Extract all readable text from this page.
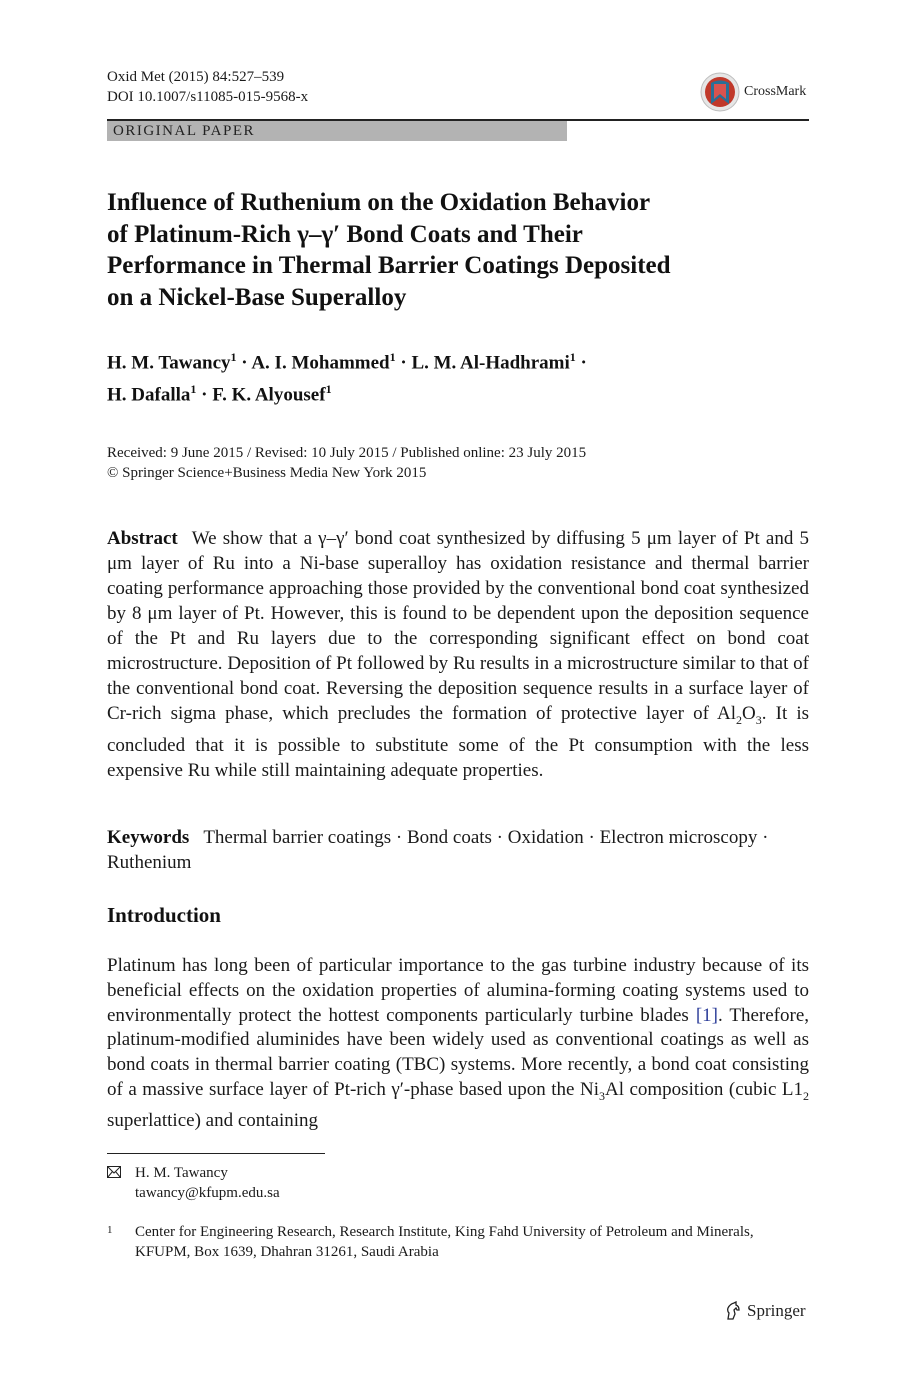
Oxid Met (2015) 84:527–539
DOI 10.1007/s11085-015-9568-x	CrossMark
ORIGINAL PAPER
Influence of Ruthenium on the Oxidation Behavior
of Platinum-Rich γ–γ′ Bond Coats and Their
Performance in Thermal Barrier Coatings Deposited
on a Nickel-Base Superalloy
H. M. Tawancy$^1$ · A. I. Mohammed$^1$ · L. M. Al-Hadhrami$^1$ ·
H. Dafalla$^1$ · F. K. Alyousef$^1$
Received: 9 June 2015 / Revised: 10 July 2015 / Published online: 23 July 2015
© Springer Science+Business Media New York 2015
Abstract We show that a γ–γ′ bond coat synthesized by diffusing 5 μm layer of Pt and 5 μm layer of Ru into a Ni-base superalloy has oxidation resistance and thermal barrier coating performance approaching those provided by the conventional bond coat synthesized by 8 μm layer of Pt. However, this is found to be dependent upon the deposition sequence of the Pt and Ru layers due to the corresponding significant effect on bond coat microstructure. Deposition of Pt followed by Ru results in a microstructure similar to that of the conventional bond coat. Reversing the deposition sequence results in a surface layer of Cr-rich sigma phase, which precludes the formation of protective layer of $Al_2O_3$. It is concluded that it is possible to substitute some of the Pt consumption with the less expensive Ru while still maintaining adequate properties.
Keywords Thermal barrier coatings · Bond coats · Oxidation · Electron microscopy · Ruthenium
Introduction
Platinum has long been of particular importance to the gas turbine industry because of its beneficial effects on the oxidation properties of alumina-forming coating systems used to environmentally protect the hottest components particularly turbine blades [1]. Therefore, platinum-modified aluminides have been widely used as conventional coatings as well as bond coats in thermal barrier coating (TBC) systems. More recently, a bond coat consisting of a massive surface layer of Pt-rich γ′-phase based upon the $Ni_3Al$ composition (cubic $L1_2$ superlattice) and containing
H. M. Tawancy
tawancy@kfupm.edu.sa
1 Center for Engineering Research, Research Institute, King Fahd University of Petroleum and Minerals, KFUPM, Box 1639, Dhahran 31261, Saudi Arabia
Springer
